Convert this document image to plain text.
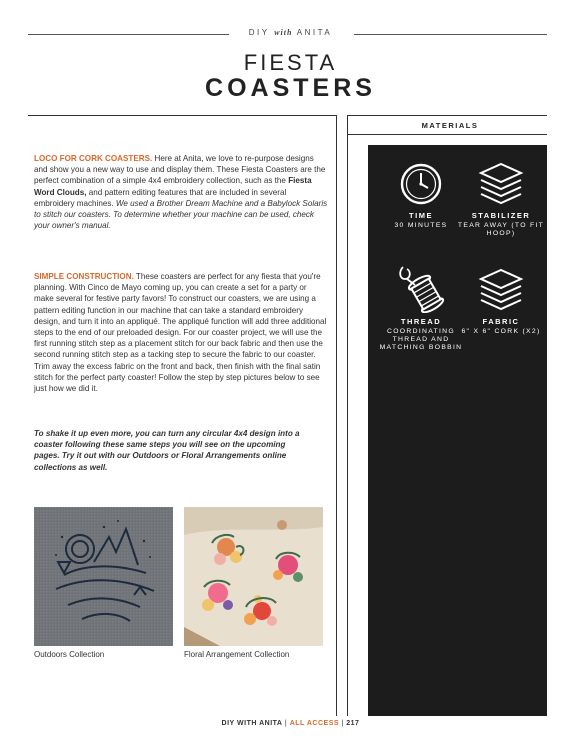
DIY with ANITA
FIESTA
COASTERS
MATERIALS
TIME
30 MINUTES
STABILIZER
TEAR AWAY (TO FIT HOOP)
THREAD
COORDINATING THREAD AND MATCHING BOBBIN
FABRIC
6" X 6" CORK (X2)

LOCO FOR CORK COASTERS. Here at Anita, we love to re-purpose designs and show you a new way to use and display them. These Fiesta Coasters are the perfect combination of a simple 4x4 embroidery collection, such as the Fiesta Word Clouds, and pattern editing features that are included in several embroidery machines. We used a Brother Dream Machine and a Babylock Solaris to stitch our coasters. To determine whether your machine can be used, check your owner's manual.

SIMPLE CONSTRUCTION. These coasters are perfect for any fiesta that you're planning. With Cinco de Mayo coming up, you can create a set for a party or make several for festive party favors! To construct our coasters, we are using a pattern editing function in our machine that can take a standard embroidery design, and turn it into an appliqué. The appliqué function will add three additional steps to the end of our preloaded design. For our coaster project, we will use the first running stitch step as a placement stitch for our back fabric and then use the second running stitch step as a tacking step to secure the fabric to our coaster. Trim away the excess fabric on the front and back, then finish with the final satin stitch for the perfect party coaster! Follow the step by step pictures below to see just how we did it.

To shake it up even more, you can turn any circular 4x4 design into a coaster following these same steps you will see on the upcoming pages. Try it out with our Outdoors or Floral Arrangements online collections as well.

Outdoors Collection	Floral Arrangement Collection
DIY WITH ANITA | ALL ACCESS | 217
